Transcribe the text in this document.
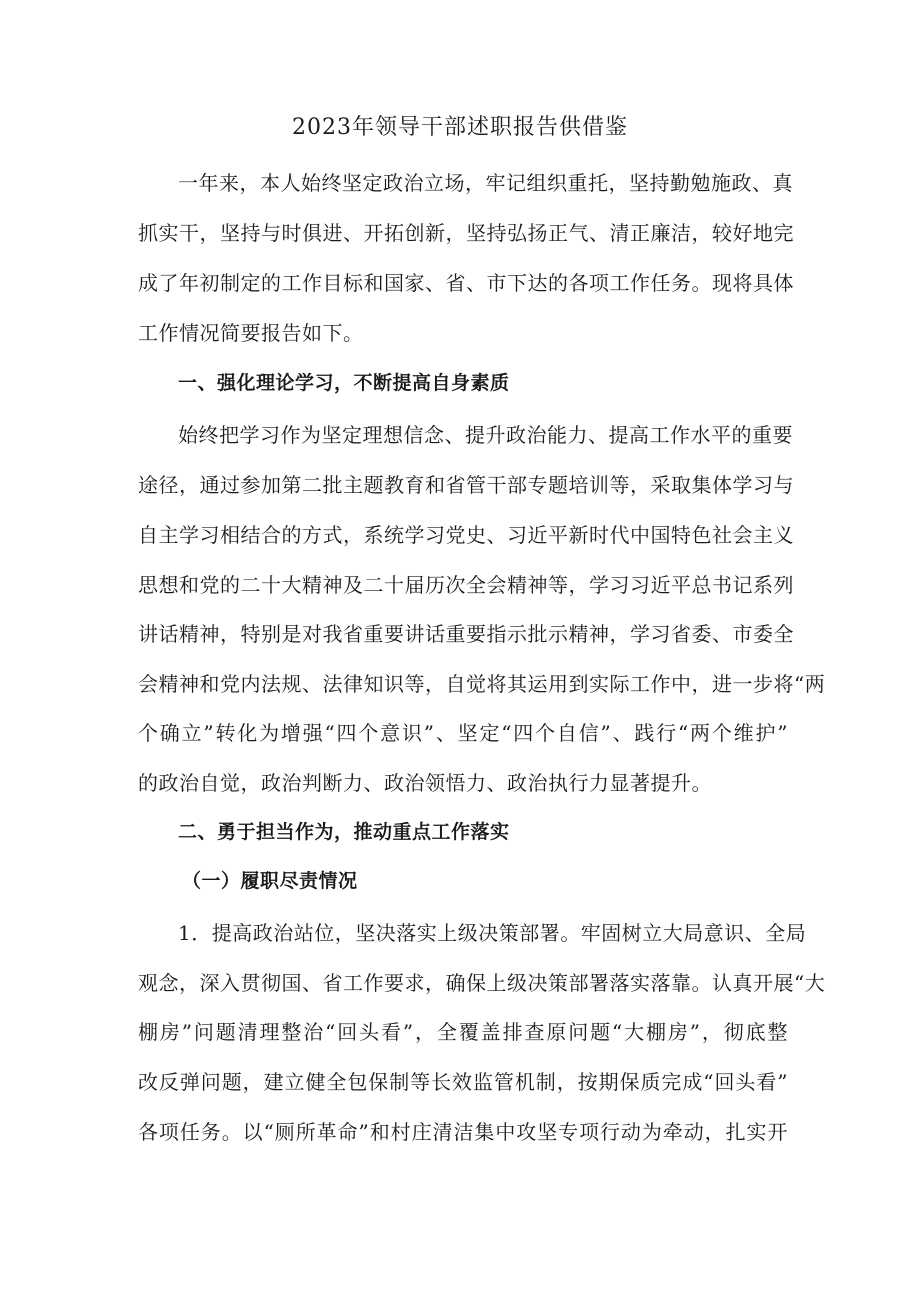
2023年领导干部述职报告供借鉴
一年来，本人始终坚定政治立场，牢记组织重托，坚持勤勉施政、真
抓实干，坚持与时俱进、开拓创新，坚持弘扬正气、清正廉洁，较好地完
成了年初制定的工作目标和国家、省、市下达的各项工作任务。现将具体
工作情况简要报告如下。
一、强化理论学习，不断提高自身素质
始终把学习作为坚定理想信念、提升政治能力、提高工作水平的重要
途径，通过参加第二批主题教育和省管干部专题培训等，采取集体学习与
自主学习相结合的方式，系统学习党史、习近平新时代中国特色社会主义
思想和党的二十大精神及二十届历次全会精神等，学习习近平总书记系列
讲话精神，特别是对我省重要讲话重要指示批示精神，学习省委、市委全
会精神和党内法规、法律知识等，自觉将其运用到实际工作中，进一步将“两
个确立”转化为增强“四个意识”、坚定“四个自信”、践行“两个维护”
的政治自觉，政治判断力、政治领悟力、政治执行力显著提升。
二、勇于担当作为，推动重点工作落实
（一）履职尽责情况
1．提高政治站位，坚决落实上级决策部署。牢固树立大局意识、全局
观念，深入贯彻国、省工作要求，确保上级决策部署落实落靠。认真开展“大
棚房”问题清理整治“回头看”，全覆盖排查原问题“大棚房”，彻底整
改反弹问题，建立健全包保制等长效监管机制，按期保质完成“回头看”
各项任务。以“厕所革命”和村庄清洁集中攻坚专项行动为牵动，扎实开
